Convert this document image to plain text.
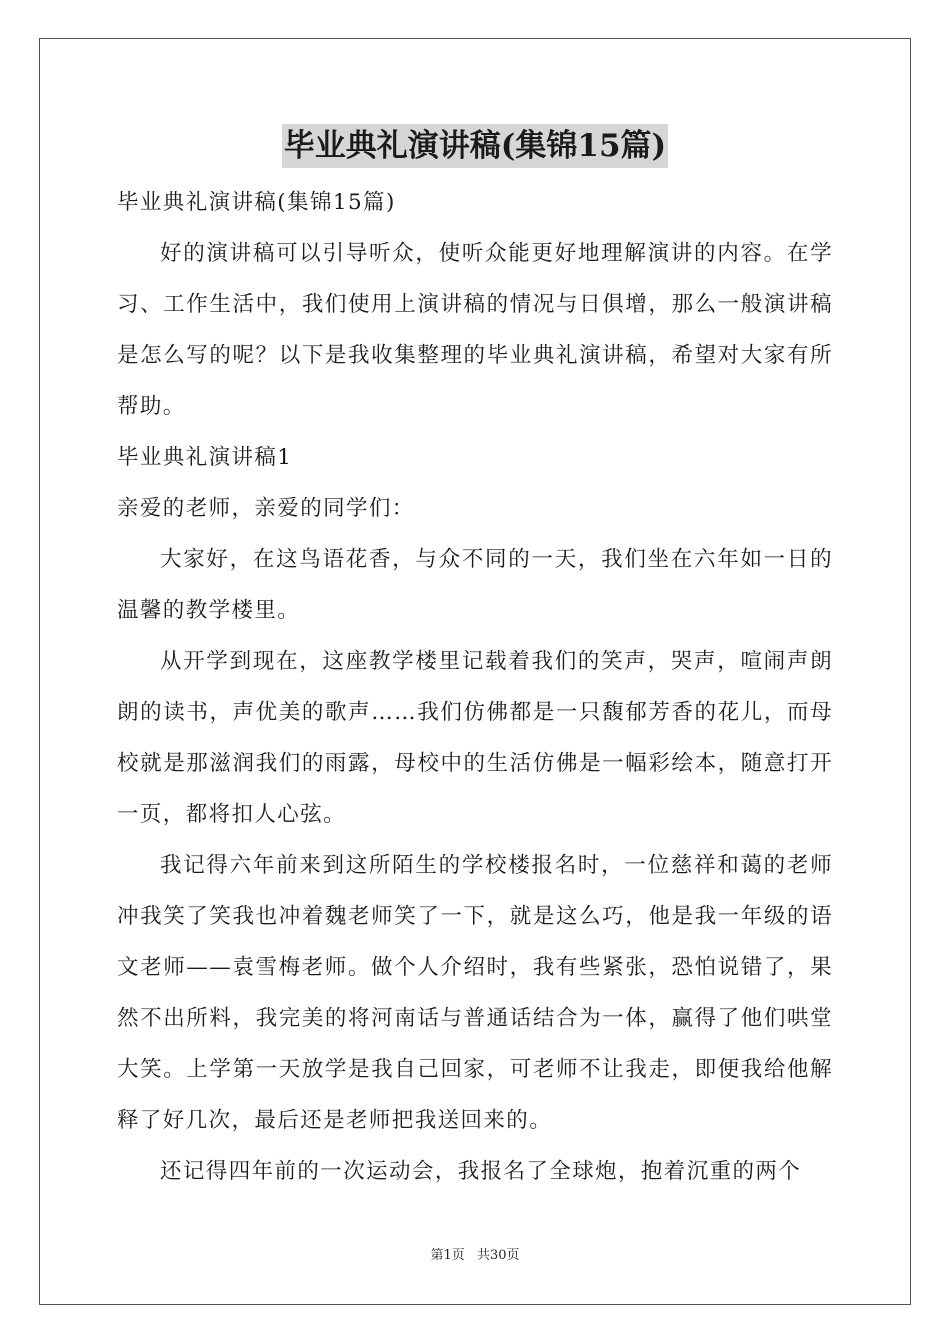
毕业典礼演讲稿(集锦15篇)

毕业典礼演讲稿(集锦15篇)

好的演讲稿可以引导听众，使听众能更好地理解演讲的内容。在学习、工作生活中，我们使用上演讲稿的情况与日俱增，那么一般演讲稿是怎么写的呢？以下是我收集整理的毕业典礼演讲稿，希望对大家有所帮助。

毕业典礼演讲稿1

亲爱的老师，亲爱的同学们：

大家好，在这鸟语花香，与众不同的一天，我们坐在六年如一日的温馨的教学楼里。

从开学到现在，这座教学楼里记载着我们的笑声，哭声，喧闹声朗朗的读书，声优美的歌声……我们仿佛都是一只馥郁芳香的花儿，而母校就是那滋润我们的雨露，母校中的生活仿佛是一幅彩绘本，随意打开一页，都将扣人心弦。

我记得六年前来到这所陌生的学校楼报名时，一位慈祥和蔼的老师冲我笑了笑我也冲着魏老师笑了一下，就是这么巧，他是我一年级的语文老师——袁雪梅老师。做个人介绍时，我有些紧张，恐怕说错了，果然不出所料，我完美的将河南话与普通话结合为一体，赢得了他们哄堂大笑。上学第一天放学是我自己回家，可老师不让我走，即便我给他解释了好几次，最后还是老师把我送回来的。

还记得四年前的一次运动会，我报名了全球炮，抱着沉重的两个

第1页 共30页
